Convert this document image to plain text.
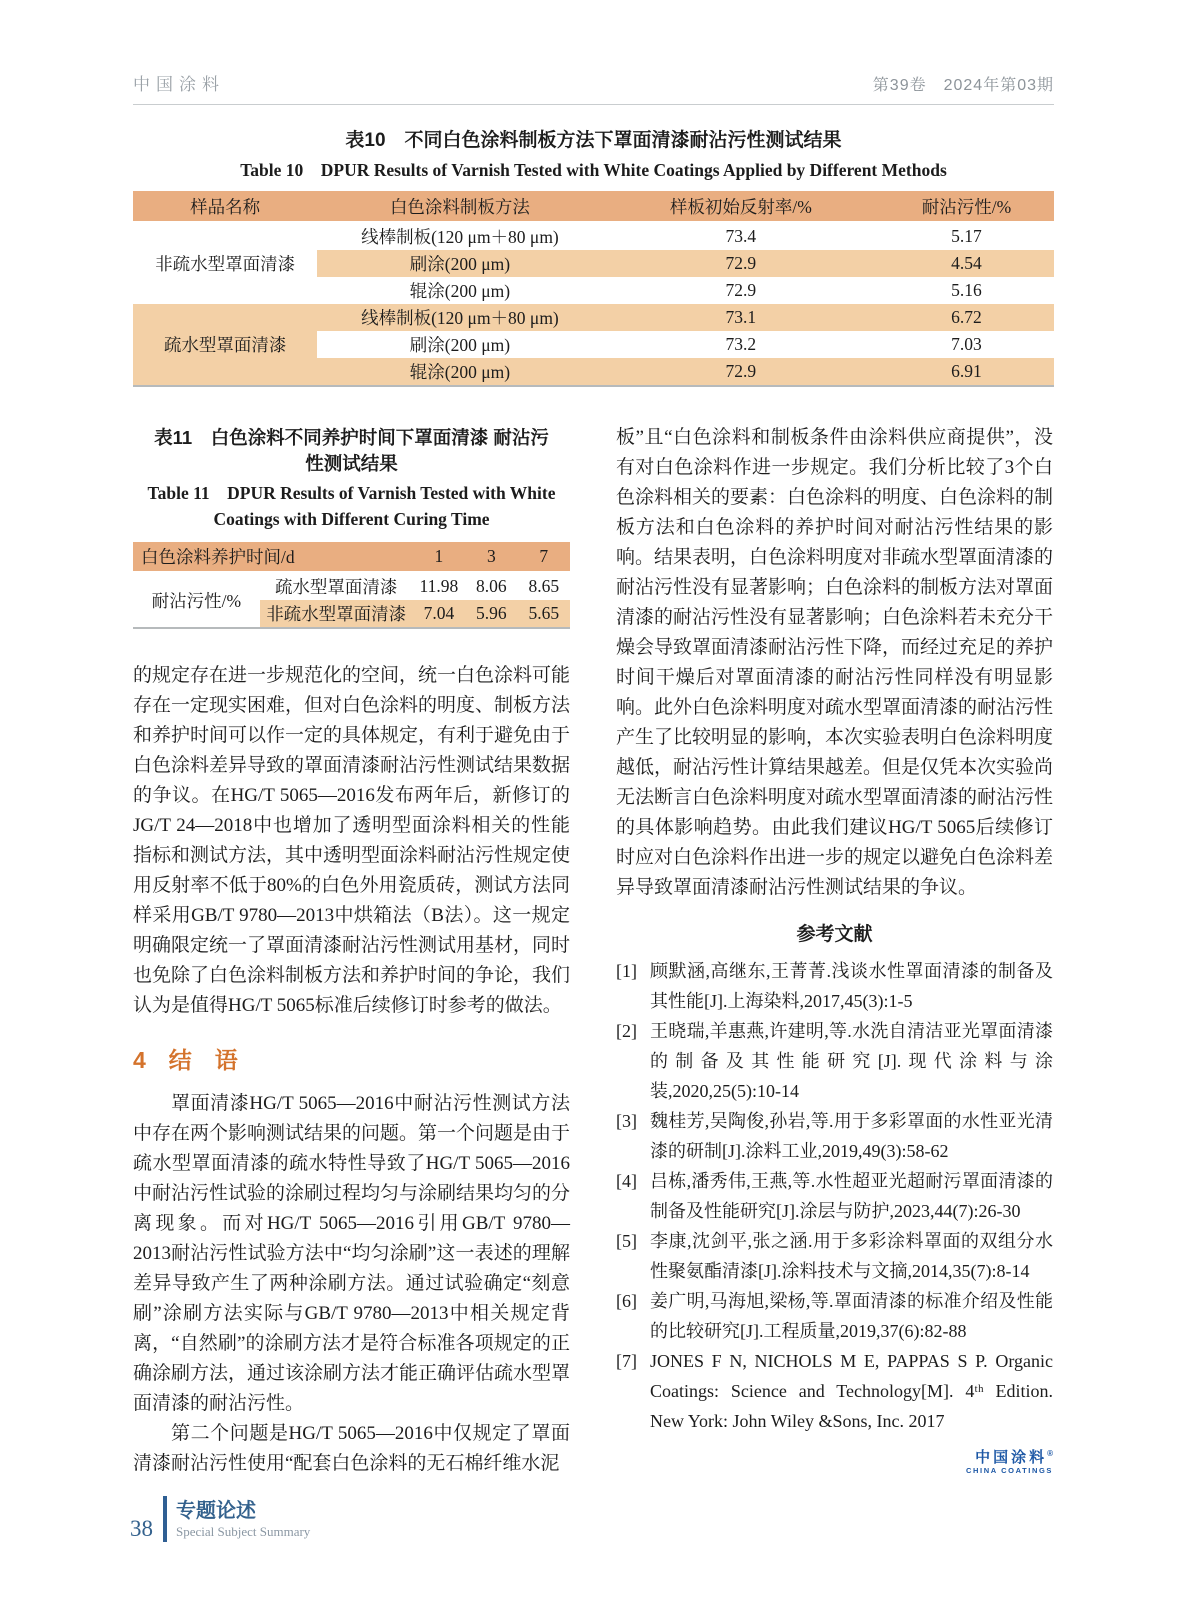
中国涂料	第39卷　2024年第03期
表10　不同白色涂料制板方法下罩面清漆耐沾污性测试结果
Table 10　DPUR Results of Varnish Tested with White Coatings Applied by Different Methods
样品名称	白色涂料制板方法	样板初始反射率/%	耐沾污性/%
非疏水型罩面清漆	线棒制板(120 μm＋80 μm)	73.4	5.17
	刷涂(200 μm)	72.9	4.54
	辊涂(200 μm)	72.9	5.16
疏水型罩面清漆	线棒制板(120 μm＋80 μm)	73.1	6.72
	刷涂(200 μm)	73.2	7.03
	辊涂(200 μm)	72.9	6.91
表11　白色涂料不同养护时间下罩面清漆 耐沾污性测试结果
Table 11　DPUR Results of Varnish Tested with White Coatings with Different Curing Time
白色涂料养护时间/d		1	3	7
耐沾污性/%	疏水型罩面清漆	11.98	8.06	8.65
	非疏水型罩面清漆	7.04	5.96	5.65

的规定存在进一步规范化的空间，统一白色涂料可能存在一定现实困难，但对白色涂料的明度、制板方法和养护时间可以作一定的具体规定，有利于避免由于白色涂料差异导致的罩面清漆耐沾污性测试结果数据的争议。在HG/T 5065—2016发布两年后，新修订的JG/T 24—2018中也增加了透明型面涂料相关的性能指标和测试方法，其中透明型面涂料耐沾污性规定使用反射率不低于80%的白色外用瓷质砖，测试方法同样采用GB/T 9780—2013中烘箱法（B法）。这一规定明确限定统一了罩面清漆耐沾污性测试用基材，同时也免除了白色涂料制板方法和养护时间的争论，我们认为是值得HG/T 5065标准后续修订时参考的做法。

4　结　语

罩面清漆HG/T 5065—2016中耐沾污性测试方法中存在两个影响测试结果的问题。第一个问题是由于疏水型罩面清漆的疏水特性导致了HG/T 5065—2016中耐沾污性试验的涂刷过程均匀与涂刷结果均匀的分离现象。而对HG/T 5065—2016引用GB/T 9780—2013耐沾污性试验方法中“均匀涂刷”这一表述的理解差异导致产生了两种涂刷方法。通过试验确定“刻意刷”涂刷方法实际与GB/T 9780—2013中相关规定背离，“自然刷”的涂刷方法才是符合标准各项规定的正确涂刷方法，通过该涂刷方法才能正确评估疏水型罩面清漆的耐沾污性。

第二个问题是HG/T 5065—2016中仅规定了罩面清漆耐沾污性使用“配套白色涂料的无石棉纤维水泥

板”且“白色涂料和制板条件由涂料供应商提供”，没有对白色涂料作进一步规定。我们分析比较了3个白色涂料相关的要素：白色涂料的明度、白色涂料的制板方法和白色涂料的养护时间对耐沾污性结果的影响。结果表明，白色涂料明度对非疏水型罩面清漆的耐沾污性没有显著影响；白色涂料的制板方法对罩面清漆的耐沾污性没有显著影响；白色涂料若未充分干燥会导致罩面清漆耐沾污性下降，而经过充足的养护时间干燥后对罩面清漆的耐沾污性同样没有明显影响。此外白色涂料明度对疏水型罩面清漆的耐沾污性产生了比较明显的影响，本次实验表明白色涂料明度越低，耐沾污性计算结果越差。但是仅凭本次实验尚无法断言白色涂料明度对疏水型罩面清漆的耐沾污性的具体影响趋势。由此我们建议HG/T 5065后续修订时应对白色涂料作出进一步的规定以避免白色涂料差异导致罩面清漆耐沾污性测试结果的争议。

参考文献
[1] 顾默涵,高继东,王菁菁.浅谈水性罩面清漆的制备及其性能[J].上海染料,2017,45(3):1-5
[2] 王晓瑞,羊惠燕,许建明,等.水洗自清洁亚光罩面清漆的制备及其性能研究[J].现代涂料与涂装,2020,25(5):10-14
[3] 魏桂芳,吴陶俊,孙岩,等.用于多彩罩面的水性亚光清漆的研制[J].涂料工业,2019,49(3):58-62
[4] 吕栋,潘秀伟,王燕,等.水性超亚光超耐污罩面清漆的制备及性能研究[J].涂层与防护,2023,44(7):26-30
[5] 李康,沈剑平,张之涵.用于多彩涂料罩面的双组分水性聚氨酯清漆[J].涂料技术与文摘,2014,35(7):8-14
[6] 姜广明,马海旭,梁杨,等.罩面清漆的标准介绍及性能的比较研究[J].工程质量,2019,37(6):82-88
[7] JONES F N, NICHOLS M E, PAPPAS S P. Organic Coatings: Science and Technology[M]. 4ᵗʰ Edition. New York: John Wiley &Sons, Inc. 2017
中国涂料®
CHINA COATINGS
38
专题论述
Special Subject Summary
